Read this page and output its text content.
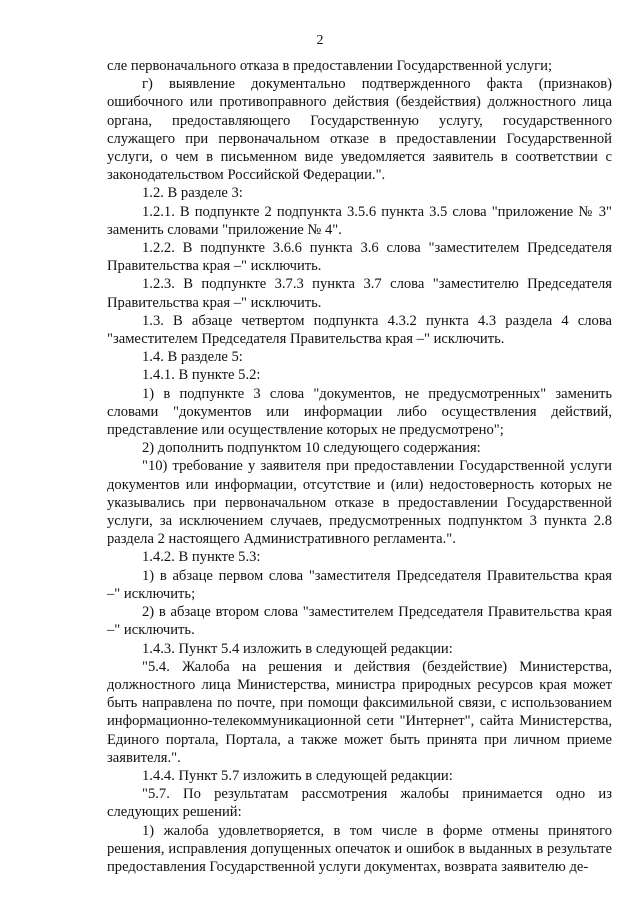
2

сле первоначального отказа в предоставлении Государственной услуги;

г) выявление документально подтвержденного факта (признаков) ошибочного или противоправного действия (бездействия) должностного лица органа, предоставляющего Государственную услугу, государственного служащего при первоначальном отказе в предоставлении Государственной услуги, о чем в письменном виде уведомляется заявитель в соответствии с законодательством Российской Федерации.".

1.2. В разделе 3:

1.2.1. В подпункте 2 подпункта 3.5.6 пункта 3.5 слова "приложение № 3" заменить словами "приложение № 4".

1.2.2. В подпункте 3.6.6 пункта 3.6 слова "заместителем Председателя Правительства края –" исключить.

1.2.3. В подпункте 3.7.3 пункта 3.7 слова "заместителю Председателя Правительства края –" исключить.

1.3. В абзаце четвертом подпункта 4.3.2 пункта 4.3 раздела 4 слова "заместителем Председателя Правительства края –" исключить.

1.4. В разделе 5:

1.4.1. В пункте 5.2:

1) в подпункте 3 слова "документов, не предусмотренных" заменить словами "документов или информации либо осуществления действий, представление или осуществление которых не предусмотрено";

2) дополнить подпунктом 10 следующего содержания:

"10) требование у заявителя при предоставлении Государственной услуги документов или информации, отсутствие и (или) недостоверность которых не указывались при первоначальном отказе в предоставлении Государственной услуги, за исключением случаев, предусмотренных подпунктом 3 пункта 2.8 раздела 2 настоящего Административного регламента.".

1.4.2. В пункте 5.3:

1) в абзаце первом слова "заместителя Председателя Правительства края –" исключить;

2) в абзаце втором слова "заместителем Председателя Правительства края –" исключить.

1.4.3. Пункт 5.4 изложить в следующей редакции:

"5.4. Жалоба на решения и действия (бездействие) Министерства, должностного лица Министерства, министра природных ресурсов края может быть направлена по почте, при помощи факсимильной связи, с использованием информационно-телекоммуникационной сети "Интернет", сайта Министерства, Единого портала, Портала, а также может быть принята при личном приеме заявителя.".

1.4.4. Пункт 5.7 изложить в следующей редакции:

"5.7. По результатам рассмотрения жалобы принимается одно из следующих решений:

1) жалоба удовлетворяется, в том числе в форме отмены принятого решения, исправления допущенных опечаток и ошибок в выданных в результате предоставления Государственной услуги документах, возврата заявителю де-
